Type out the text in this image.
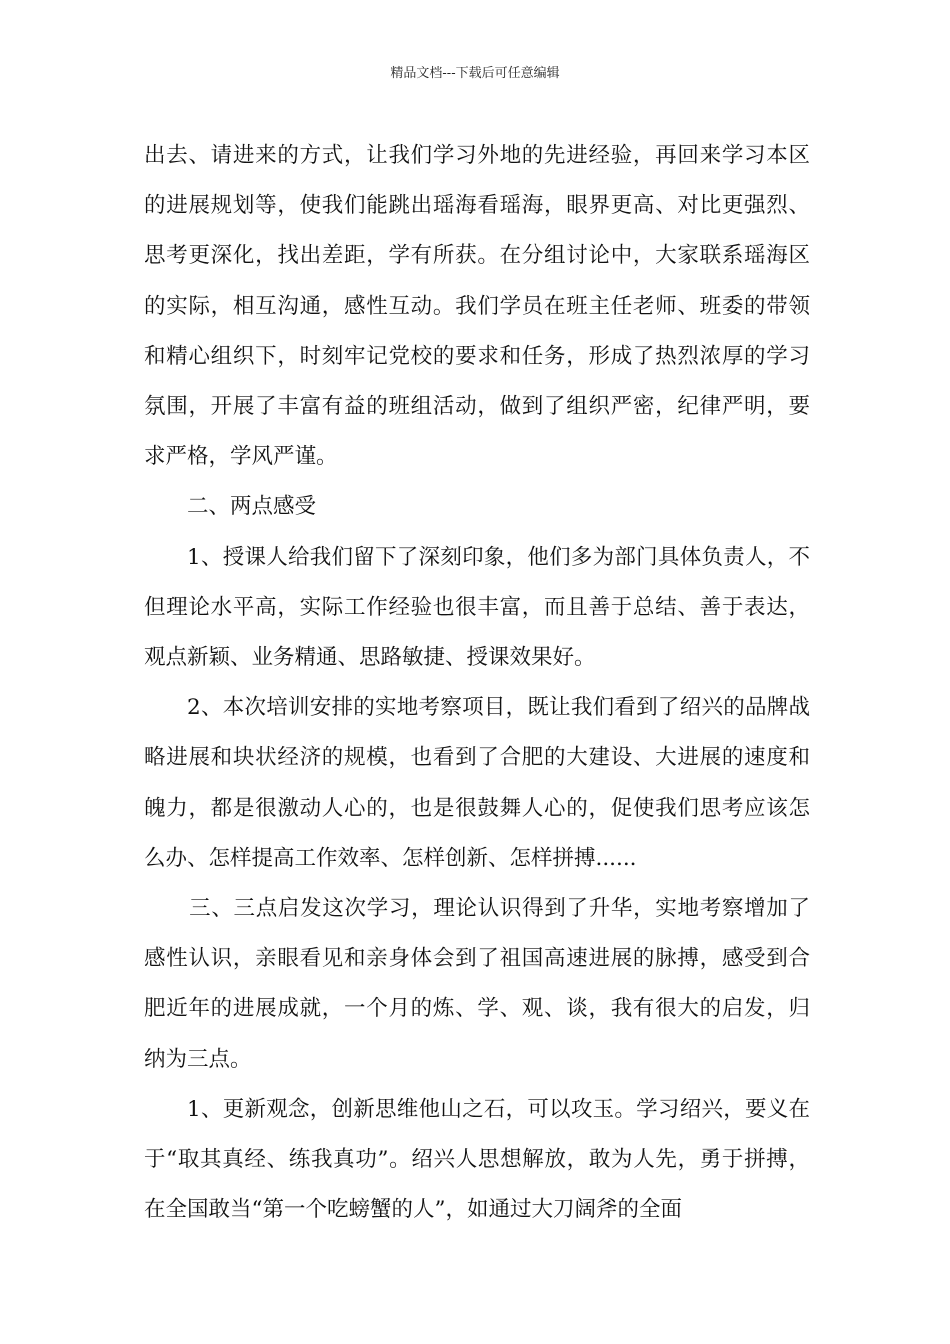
精品文档---下载后可任意编辑

出去、请进来的方式，让我们学习外地的先进经验，再回来学习本区的进展规划等，使我们能跳出瑶海看瑶海，眼界更高、对比更强烈、思考更深化，找出差距，学有所获。在分组讨论中，大家联系瑶海区的实际，相互沟通，感性互动。我们学员在班主任老师、班委的带领和精心组织下，时刻牢记党校的要求和任务，形成了热烈浓厚的学习氛围，开展了丰富有益的班组活动，做到了组织严密，纪律严明，要求严格，学风严谨。

二、两点感受

1、授课人给我们留下了深刻印象，他们多为部门具体负责人，不但理论水平高，实际工作经验也很丰富，而且善于总结、善于表达，观点新颖、业务精通、思路敏捷、授课效果好。

2、本次培训安排的实地考察项目，既让我们看到了绍兴的品牌战略进展和块状经济的规模，也看到了合肥的大建设、大进展的速度和魄力，都是很激动人心的，也是很鼓舞人心的，促使我们思考应该怎么办、怎样提高工作效率、怎样创新、怎样拼搏......

三、三点启发这次学习，理论认识得到了升华，实地考察增加了感性认识，亲眼看见和亲身体会到了祖国高速进展的脉搏，感受到合肥近年的进展成就，一个月的炼、学、观、谈，我有很大的启发，归纳为三点。

1、更新观念，创新思维他山之石，可以攻玉。学习绍兴，要义在于“取其真经、练我真功”。绍兴人思想解放，敢为人先，勇于拼搏，在全国敢当“第一个吃螃蟹的人”，如通过大刀阔斧的全面
